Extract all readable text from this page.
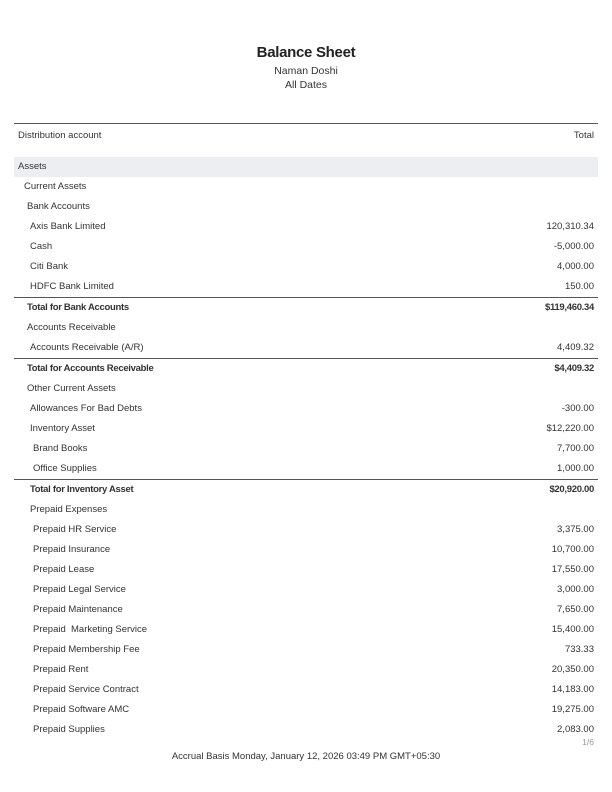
Balance Sheet
Naman Doshi
All Dates
Distribution account	Total
Assets
Current Assets
Bank Accounts
Axis Bank Limited	120,310.34
Cash	-5,000.00
Citi Bank	4,000.00
HDFC Bank Limited	150.00
Total for Bank Accounts	$119,460.34
Accounts Receivable
Accounts Receivable (A/R)	4,409.32
Total for Accounts Receivable	$4,409.32
Other Current Assets
Allowances For Bad Debts	-300.00
Inventory Asset	$12,220.00
Brand Books	7,700.00
Office Supplies	1,000.00
Total for Inventory Asset	$20,920.00
Prepaid Expenses
Prepaid HR Service	3,375.00
Prepaid Insurance	10,700.00
Prepaid Lease	17,550.00
Prepaid Legal Service	3,000.00
Prepaid Maintenance	7,650.00
Prepaid  Marketing Service	15,400.00
Prepaid Membership Fee	733.33
Prepaid Rent	20,350.00
Prepaid Service Contract	14,183.00
Prepaid Software AMC	19,275.00
Prepaid Supplies	2,083.00
1/6
Accrual Basis Monday, January 12, 2026 03:49 PM GMT+05:30
